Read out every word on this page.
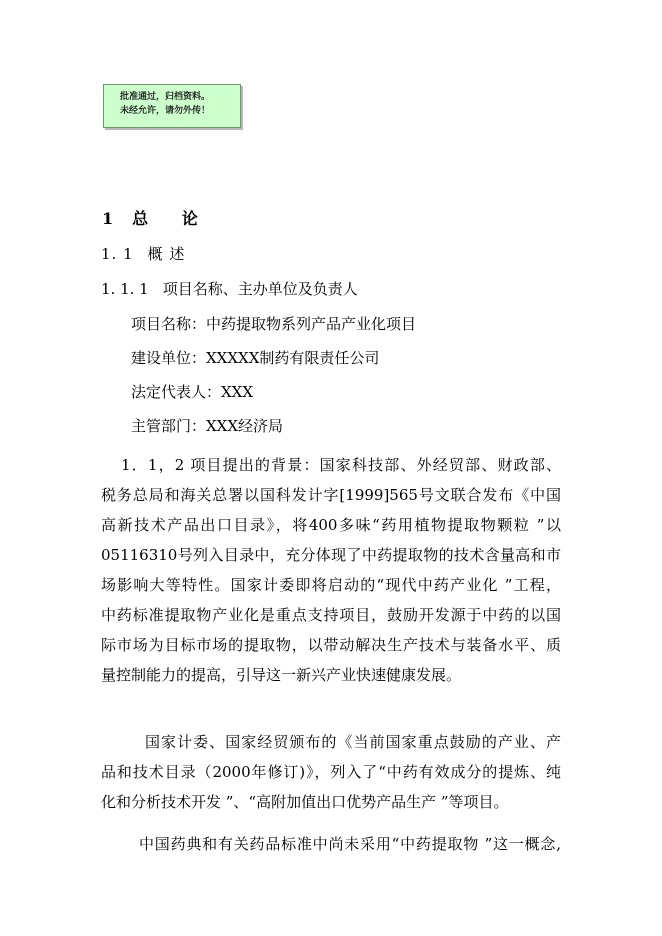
批准通过，归档资料。
未经允许，请勿外传！
1 总 论
1. 1 概 述
1. 1. 1 项目名称、主办单位及负责人
项目名称：中药提取物系列产品产业化项目
建设单位：XXXXX制药有限责任公司
法定代表人：XXX
主管部门：XXX经济局
1．1，2 项目提出的背景：国家科技部、外经贸部、财政部、
税务总局和海关总署以国科发计字[1999]565号文联合发布《中国
高新技术产品出口目录》，将400多味“药用植物提取物颗粒 ”以
05116310号列入目录中，充分体现了中药提取物的技术含量高和市
场影响大等特性。国家计委即将启动的“现代中药产业化 ”工程，
中药标准提取物产业化是重点支持项目，鼓励开发源于中药的以国
际市场为目标市场的提取物，以带动解决生产技术与装备水平、质
量控制能力的提高，引导这一新兴产业快速健康发展。
国家计委、国家经贸颁布的《当前国家重点鼓励的产业、产
品和技术目录（2000年修订)》，列入了“中药有效成分的提炼、纯
化和分析技术开发 ”、“高附加值出口优势产品生产 ”等项目。
中国药典和有关药品标准中尚未采用“中药提取物 ”这一概念,
